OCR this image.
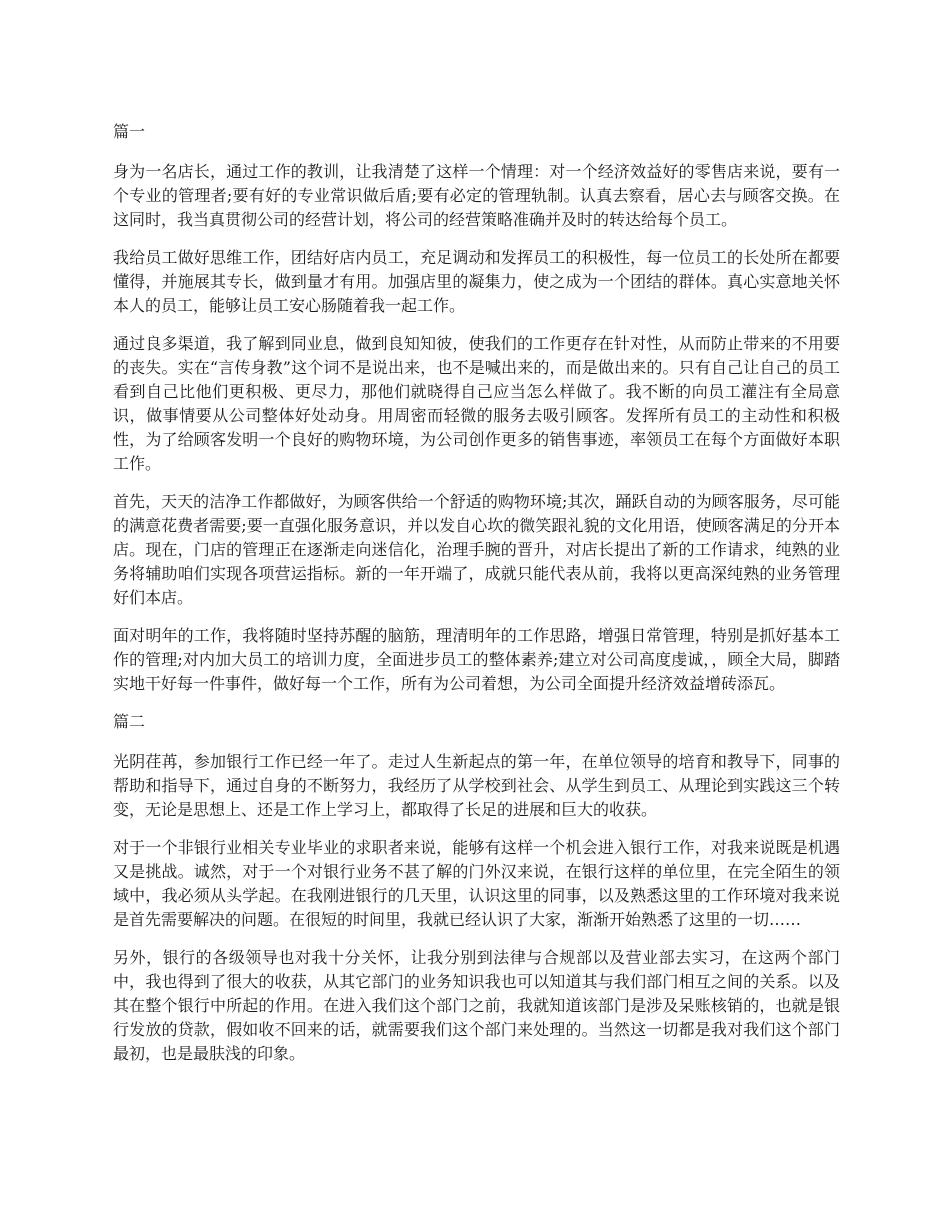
篇一

身为一名店长，通过工作的教训，让我清楚了这样一个情理：对一个经济效益好的零售店来说，要有一个专业的管理者;要有好的专业常识做后盾;要有必定的管理轨制。认真去察看，居心去与顾客交换。在这同时，我当真贯彻公司的经营计划，将公司的经营策略准确并及时的转达给每个员工。

我给员工做好思维工作，团结好店内员工，充足调动和发挥员工的积极性，每一位员工的长处所在都要懂得，并施展其专长，做到量才有用。加强店里的凝集力，使之成为一个团结的群体。真心实意地关怀本人的员工，能够让员工安心肠随着我一起工作。

通过良多渠道，我了解到同业息，做到良知知彼，使我们的工作更存在针对性，从而防止带来的不用要的丧失。实在“言传身教”这个词不是说出来，也不是喊出来的，而是做出来的。只有自己让自己的员工看到自己比他们更积极、更尽力，那他们就晓得自己应当怎么样做了。我不断的向员工灌注有全局意识，做事情要从公司整体好处动身。用周密而轻微的服务去吸引顾客。发挥所有员工的主动性和积极性，为了给顾客发明一个良好的购物环境，为公司创作更多的销售事迹，率领员工在每个方面做好本职工作。

首先，天天的洁净工作都做好，为顾客供给一个舒适的购物环境;其次，踊跃自动的为顾客服务，尽可能的满意花费者需要;要一直强化服务意识，并以发自心坎的微笑跟礼貌的文化用语，使顾客满足的分开本店。现在，门店的管理正在逐渐走向迷信化，治理手腕的晋升，对店长提出了新的工作请求，纯熟的业务将辅助咱们实现各项营运指标。新的一年开端了，成就只能代表从前，我将以更高深纯熟的业务管理好们本店。

面对明年的工作，我将随时坚持苏醒的脑筋，理清明年的工作思路，增强日常管理，特别是抓好基本工作的管理;对内加大员工的培训力度，全面进步员工的整体素养;建立对公司高度虔诚，，顾全大局，脚踏实地干好每一件事件，做好每一个工作，所有为公司着想，为公司全面提升经济效益增砖添瓦。

篇二

光阴荏苒，参加银行工作已经一年了。走过人生新起点的第一年，在单位领导的培育和教导下，同事的帮助和指导下，通过自身的不断努力，我经历了从学校到社会、从学生到员工、从理论到实践这三个转变，无论是思想上、还是工作上学习上，都取得了长足的进展和巨大的收获。

对于一个非银行业相关专业毕业的求职者来说，能够有这样一个机会进入银行工作，对我来说既是机遇又是挑战。诚然，对于一个对银行业务不甚了解的门外汉来说，在银行这样的单位里，在完全陌生的领域中，我必须从头学起。在我刚进银行的几天里，认识这里的同事，以及熟悉这里的工作环境对我来说是首先需要解决的问题。在很短的时间里，我就已经认识了大家，渐渐开始熟悉了这里的一切……

另外，银行的各级领导也对我十分关怀，让我分别到法律与合规部以及营业部去实习，在这两个部门中，我也得到了很大的收获，从其它部门的业务知识我也可以知道其与我们部门相互之间的关系。以及其在整个银行中所起的作用。在进入我们这个部门之前，我就知道该部门是涉及呆账核销的，也就是银行发放的贷款，假如收不回来的话，就需要我们这个部门来处理的。当然这一切都是我对我们这个部门最初，也是最肤浅的印象。
